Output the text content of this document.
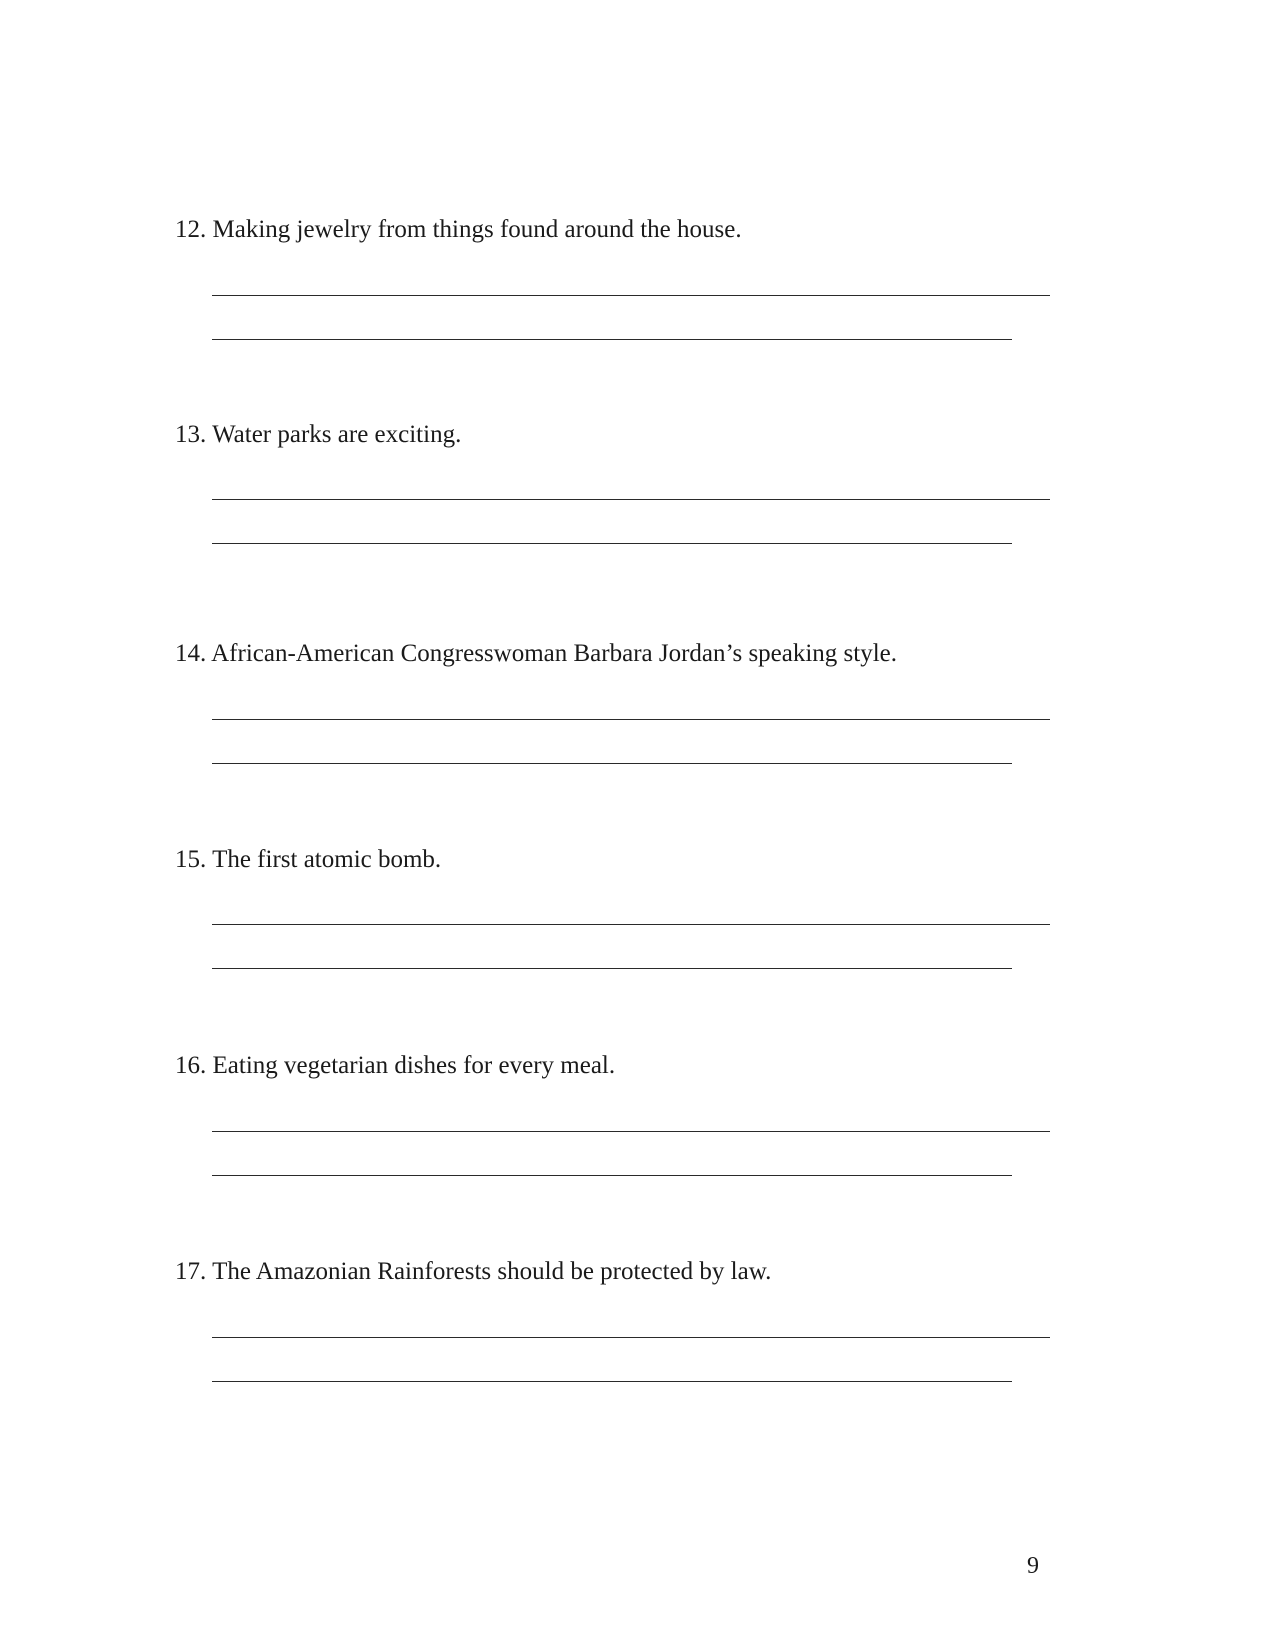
12. Making jewelry from things found around the house.

13. Water parks are exciting.

14. African-American Congresswoman Barbara Jordan’s speaking style.

15. The first atomic bomb.

16. Eating vegetarian dishes for every meal.

17. The Amazonian Rainforests should be protected by law.

9
